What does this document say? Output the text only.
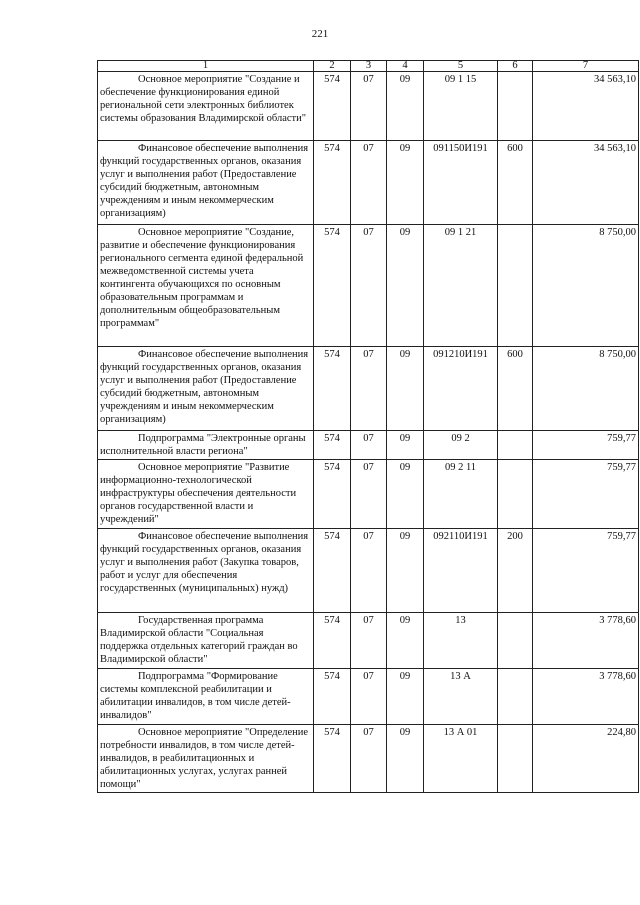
221
1	2	3	4	5	6	7

Основное мероприятие "Создание и обеспечение функционирования единой региональной сети электронных библиотек системы образования Владимирской области"	574	07	09	09 1 15		34 563,10

Финансовое обеспечение выполнения функций государственных органов, оказания услуг и выполнения работ (Предоставление субсидий бюджетным, автономным учреждениям и иным некоммерческим организациям)	574	07	09	091150И191	600	34 563,10

Основное мероприятие "Создание, развитие и обеспечение функционирования регионального сегмента единой федеральной межведомственной системы учета контингента обучающихся по основным образовательным программам и дополнительным общеобразовательным программам"	574	07	09	09 1 21		8 750,00

Финансовое обеспечение выполнения функций государственных органов, оказания услуг и выполнения работ (Предоставление субсидий бюджетным, автономным учреждениям и иным некоммерческим организациям)	574	07	09	091210И191	600	8 750,00

Подпрограмма "Электронные органы исполнительной власти региона"	574	07	09	09 2		759,77

Основное мероприятие "Развитие информационно-технологической инфраструктуры обеспечения деятельности органов государственной власти и учреждений"	574	07	09	09 2 11		759,77

Финансовое обеспечение выполнения функций государственных органов, оказания услуг и выполнения работ (Закупка товаров, работ и услуг для обеспечения государственных (муниципальных) нужд)	574	07	09	092110И191	200	759,77

Государственная программа Владимирской области "Социальная поддержка отдельных категорий граждан во Владимирской области"	574	07	09	13		3 778,60

Подпрограмма "Формирование системы комплексной реабилитации и абилитации инвалидов, в том числе детей-инвалидов"	574	07	09	13 А		3 778,60

Основное мероприятие "Определение потребности инвалидов, в том числе детей-инвалидов, в реабилитационных и абилитационных услугах, услугах ранней помощи"	574	07	09	13 А 01		224,80
